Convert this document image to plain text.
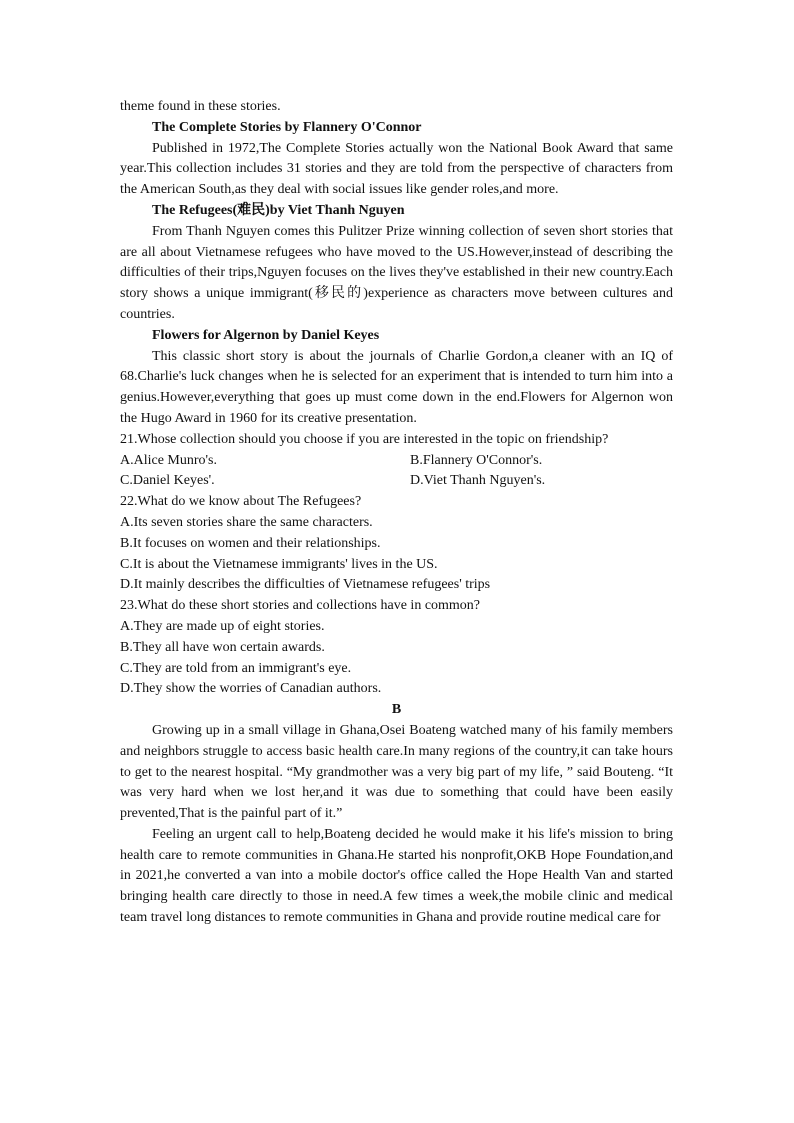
theme found in these stories.

The Complete Stories by Flannery O'Connor

Published in 1972,The Complete Stories actually won the National Book Award that same year.This collection includes 31 stories and they are told from the perspective of characters from the American South,as they deal with social issues like gender roles,and more.

The Refugees(难民)by Viet Thanh Nguyen

From Thanh Nguyen comes this Pulitzer Prize winning collection of seven short stories that are all about Vietnamese refugees who have moved to the US.However,instead of describing the difficulties of their trips,Nguyen focuses on the lives they've established in their new country.Each story shows a unique immigrant(移民的)experience as characters move between cultures and countries.

Flowers for Algernon by Daniel Keyes

This classic short story is about the journals of Charlie Gordon,a cleaner with an IQ of 68.Charlie's luck changes when he is selected for an experiment that is intended to turn him into a genius.However,everything that goes up must come down in the end.Flowers for Algernon won the Hugo Award in 1960 for its creative presentation.

21.Whose collection should you choose if you are interested in the topic on friendship?

A.Alice Munro's.	B.Flannery O'Connor's.
C.Daniel Keyes'.	D.Viet Thanh Nguyen's.

22.What do we know about The Refugees?

A.Its seven stories share the same characters.

B.It focuses on women and their relationships.

C.It is about the Vietnamese immigrants' lives in the US.

D.It mainly describes the difficulties of Vietnamese refugees' trips

23.What do these short stories and collections have in common?

A.They are made up of eight stories.

B.They all have won certain awards.

C.They are told from an immigrant's eye.

D.They show the worries of Canadian authors.

B

Growing up in a small village in Ghana,Osei Boateng watched many of his family members and neighbors struggle to access basic health care.In many regions of the country,it can take hours to get to the nearest hospital. “My grandmother was a very big part of my life, ” said Bouteng. “It was very hard when we lost her,and it was due to something that could have been easily prevented,That is the painful part of it.”

Feeling an urgent call to help,Boateng decided he would make it his life's mission to bring health care to remote communities in Ghana.He started his nonprofit,OKB Hope Foundation,and in 2021,he converted a van into a mobile doctor's office called the Hope Health Van and started bringing health care directly to those in need.A few times a week,the mobile clinic and medical team travel long distances to remote communities in Ghana and provide routine medical care for
